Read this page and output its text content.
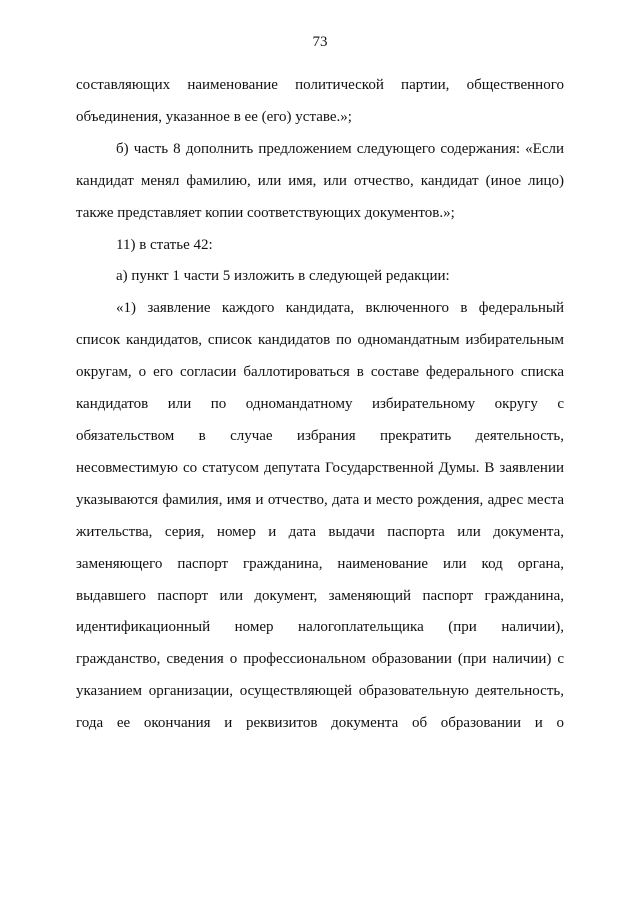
73

составляющих наименование политической партии, общественного

объединения, указанное в ее (его) уставе.»;

б) часть 8 дополнить предложением следующего содержания: «Если

кандидат менял фамилию, или имя, или отчество, кандидат (иное лицо)

также представляет копии соответствующих документов.»;

11) в статье 42:

а) пункт 1 части 5 изложить в следующей редакции:

«1) заявление каждого кандидата, включенного в федеральный

список кандидатов, список кандидатов по одномандатным избирательным

округам, о его согласии баллотироваться в составе федерального списка

кандидатов или по одномандатному избирательному округу с

обязательством в случае избрания прекратить деятельность,

несовместимую со статусом депутата Государственной Думы. В заявлении

указываются фамилия, имя и отчество, дата и место рождения, адрес места

жительства, серия, номер и дата выдачи паспорта или документа,

заменяющего паспорт гражданина, наименование или код органа,

выдавшего паспорт или документ, заменяющий паспорт гражданина,

идентификационный номер налогоплательщика (при наличии),

гражданство, сведения о профессиональном образовании (при наличии) с

указанием организации, осуществляющей образовательную деятельность,

года ее окончания и реквизитов документа об образовании и о
